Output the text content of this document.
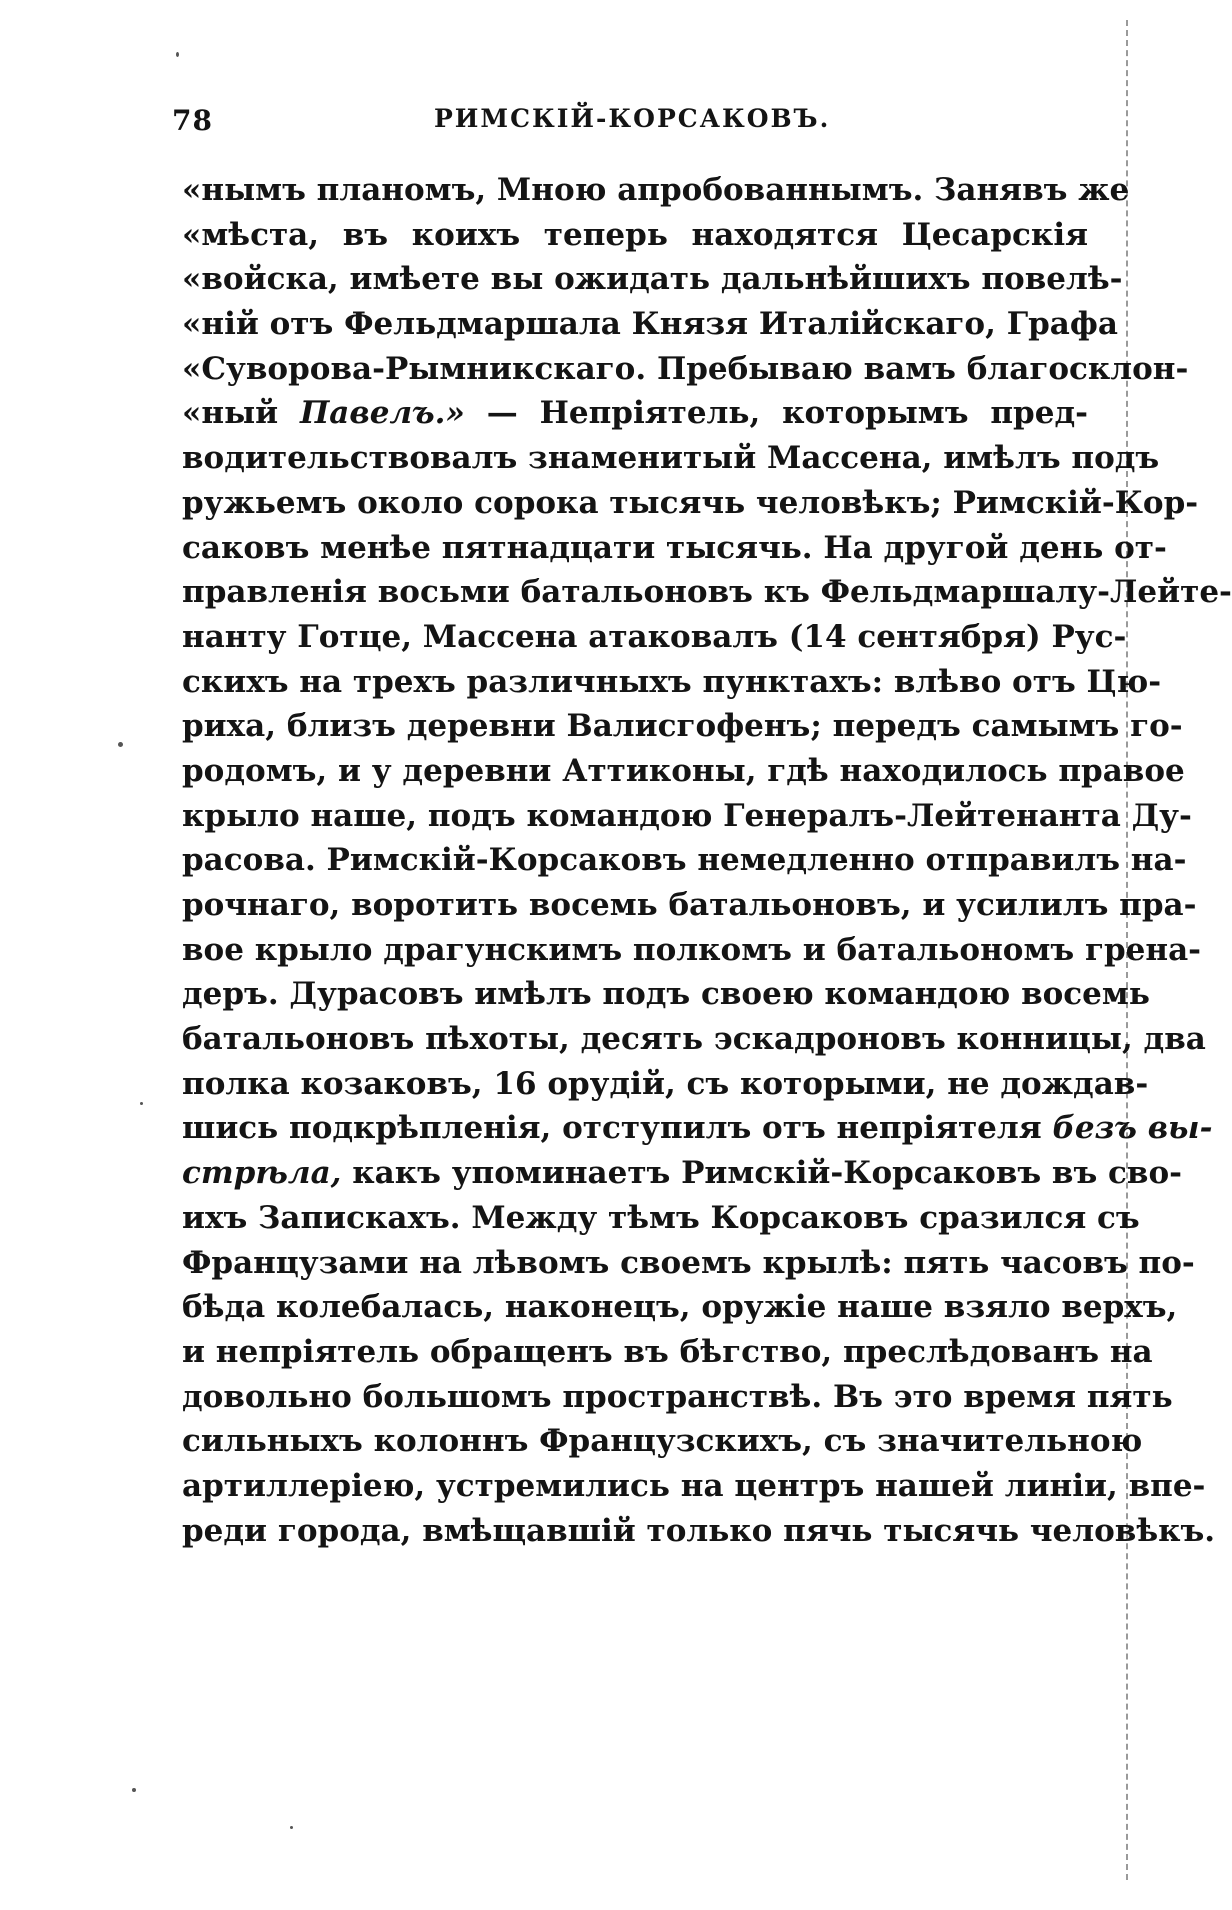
78	РИМСКІЙ-КОРСАКОВЪ.
«нымъ планомъ, Мною апробованнымъ. Занявъ же
«мѣста, въ коихъ теперь находятся Цесарскія
«войска, имѣете вы ожидать дальнѣйшихъ повелѣ-
«ній отъ Фельдмаршала Князя Италійскаго, Графа
«Суворова-Рымникскаго. Пребываю вамъ благосклон-
«ный Павелъ.» — Непріятель, которымъ пред-
водительствовалъ знаменитый Массена, имѣлъ подъ
ружьемъ около сорока тысячь человѣкъ; Римскій-Кор-
саковъ менѣе пятнадцати тысячь. На другой день от-
правленія восьми батальоновъ къ Фельдмаршалу-Лейте-
нанту Готце, Массена атаковалъ (14 сентября) Рус-
скихъ на трехъ различныхъ пунктахъ: влѣво отъ Цю-
риха, близъ деревни Валисгофенъ; передъ самымъ го-
родомъ, и у деревни Аттиконы, гдѣ находилось правое
крыло наше, подъ командою Генералъ-Лейтенанта Ду-
расова. Римскій-Корсаковъ немедленно отправилъ на-
рочнаго, воротить восемь батальоновъ, и усилилъ пра-
вое крыло драгунскимъ полкомъ и батальономъ грена-
деръ. Дурасовъ имѣлъ подъ своею командою восемь
батальоновъ пѣхоты, десять эскадроновъ конницы, два
полка козаковъ, 16 орудій, съ которыми, не дождав-
шись подкрѣпленія, отступилъ отъ непріятеля безъ вы-
стрѣла, какъ упоминаетъ Римскій-Корсаковъ въ сво-
ихъ Запискахъ. Между тѣмъ Корсаковъ сразился съ
Французами на лѣвомъ своемъ крылѣ: пять часовъ по-
бѣда колебалась, наконецъ, оружіе наше взяло верхъ,
и непріятель обращенъ въ бѣгство, преслѣдованъ на
довольно большомъ пространствѣ. Въ это время пять
сильныхъ колоннъ Французскихъ, съ значительною
артиллеріею, устремились на центръ нашей линіи, впе-
реди города, вмѣщавшій только пячь тысячь человѣкъ.
